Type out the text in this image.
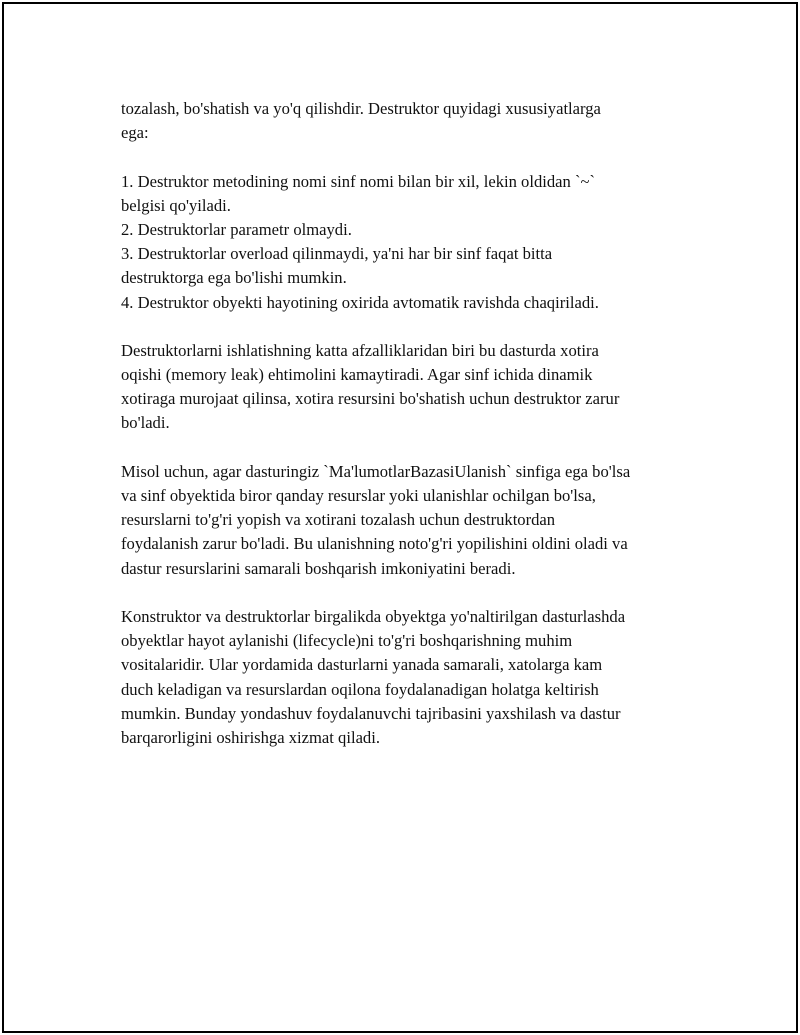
tozalash, bo'shatish va yo'q qilishdir. Destruktor quyidagi xususiyatlarga
ega:
1. Destruktor metodining nomi sinf nomi bilan bir xil, lekin oldidan `~`
belgisi qo'yiladi.
2. Destruktorlar parametr olmaydi.
3. Destruktorlar overload qilinmaydi, ya'ni har bir sinf faqat bitta
destruktorga ega bo'lishi mumkin.
4. Destruktor obyekti hayotining oxirida avtomatik ravishda chaqiriladi.
Destruktorlarni ishlatishning katta afzalliklaridan biri bu dasturda xotira
oqishi (memory leak) ehtimolini kamaytiradi. Agar sinf ichida dinamik
xotiraga murojaat qilinsa, xotira resursini bo'shatish uchun destruktor zarur
bo'ladi.
Misol uchun, agar dasturingiz `Ma'lumotlarBazasiUlanish` sinfiga ega bo'lsa
va sinf obyektida biror qanday resurslar yoki ulanishlar ochilgan bo'lsa,
resurslarni to'g'ri yopish va xotirani tozalash uchun destruktordan
foydalanish zarur bo'ladi. Bu ulanishning noto'g'ri yopilishini oldini oladi va
dastur resurslarini samarali boshqarish imkoniyatini beradi.
Konstruktor va destruktorlar birgalikda obyektga yo'naltirilgan dasturlashda
obyektlar hayot aylanishi (lifecycle)ni to'g'ri boshqarishning muhim
vositalaridir. Ular yordamida dasturlarni yanada samarali, xatolarga kam
duch keladigan va resurslardan oqilona foydalanadigan holatga keltirish
mumkin. Bunday yondashuv foydalanuvchi tajribasini yaxshilash va dastur
barqarorligini oshirishga xizmat qiladi.
